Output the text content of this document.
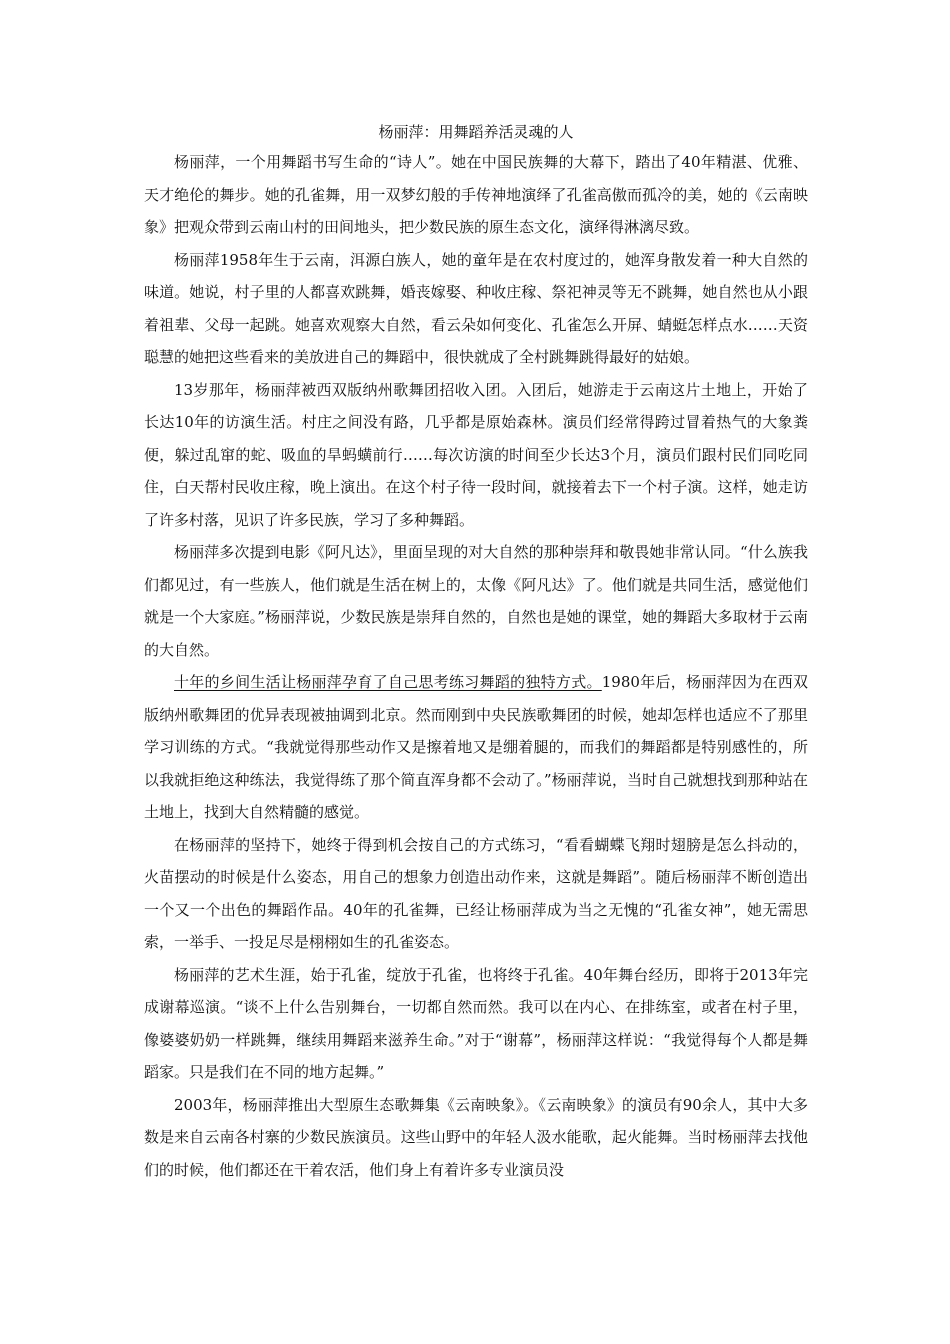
杨丽萍：用舞蹈养活灵魂的人

杨丽萍，一个用舞蹈书写生命的“诗人”。她在中国民族舞的大幕下，踏出了40年精湛、优雅、天才绝伦的舞步。她的孔雀舞，用一双梦幻般的手传神地演绎了孔雀高傲而孤冷的美，她的《云南映象》把观众带到云南山村的田间地头，把少数民族的原生态文化，演绎得淋漓尽致。

杨丽萍1958年生于云南，洱源白族人，她的童年是在农村度过的，她浑身散发着一种大自然的味道。她说，村子里的人都喜欢跳舞，婚丧嫁娶、种收庄稼、祭祀神灵等无不跳舞，她自然也从小跟着祖辈、父母一起跳。她喜欢观察大自然，看云朵如何变化、孔雀怎么开屏、蜻蜓怎样点水……天资聪慧的她把这些看来的美放进自己的舞蹈中，很快就成了全村跳舞跳得最好的姑娘。

13岁那年，杨丽萍被西双版纳州歌舞团招收入团。入团后，她游走于云南这片土地上，开始了长达10年的访演生活。村庄之间没有路，几乎都是原始森林。演员们经常得跨过冒着热气的大象粪便，躲过乱窜的蛇、吸血的旱蚂蟥前行……每次访演的时间至少长达3个月，演员们跟村民们同吃同住，白天帮村民收庄稼，晚上演出。在这个村子待一段时间，就接着去下一个村子演。这样，她走访了许多村落，见识了许多民族，学习了多种舞蹈。

杨丽萍多次提到电影《阿凡达》，里面呈现的对大自然的那种崇拜和敬畏她非常认同。“什么族我们都见过，有一些族人，他们就是生活在树上的，太像《阿凡达》了。他们就是共同生活，感觉他们就是一个大家庭。”杨丽萍说，少数民族是崇拜自然的，自然也是她的课堂，她的舞蹈大多取材于云南的大自然。

十年的乡间生活让杨丽萍孕育了自己思考练习舞蹈的独特方式。1980年后，杨丽萍因为在西双版纳州歌舞团的优异表现被抽调到北京。然而刚到中央民族歌舞团的时候，她却怎样也适应不了那里学习训练的方式。“我就觉得那些动作又是擦着地又是绷着腿的，而我们的舞蹈都是特别感性的，所以我就拒绝这种练法，我觉得练了那个简直浑身都不会动了。”杨丽萍说，当时自己就想找到那种站在土地上，找到大自然精髓的感觉。

在杨丽萍的坚持下，她终于得到机会按自己的方式练习，“看看蝴蝶飞翔时翅膀是怎么抖动的，火苗摆动的时候是什么姿态，用自己的想象力创造出动作来，这就是舞蹈”。随后杨丽萍不断创造出一个又一个出色的舞蹈作品。40年的孔雀舞，已经让杨丽萍成为当之无愧的“孔雀女神”，她无需思索，一举手、一投足尽是栩栩如生的孔雀姿态。

杨丽萍的艺术生涯，始于孔雀，绽放于孔雀，也将终于孔雀。40年舞台经历，即将于2013年完成谢幕巡演。“谈不上什么告别舞台，一切都自然而然。我可以在内心、在排练室，或者在村子里，像婆婆奶奶一样跳舞，继续用舞蹈来滋养生命。”对于“谢幕”，杨丽萍这样说：“我觉得每个人都是舞蹈家。只是我们在不同的地方起舞。”

2003年，杨丽萍推出大型原生态歌舞集《云南映象》。《云南映象》的演员有90余人，其中大多数是来自云南各村寨的少数民族演员。这些山野中的年轻人汲水能歌，起火能舞。当时杨丽萍去找他们的时候，他们都还在干着农活，他们身上有着许多专业演员没
